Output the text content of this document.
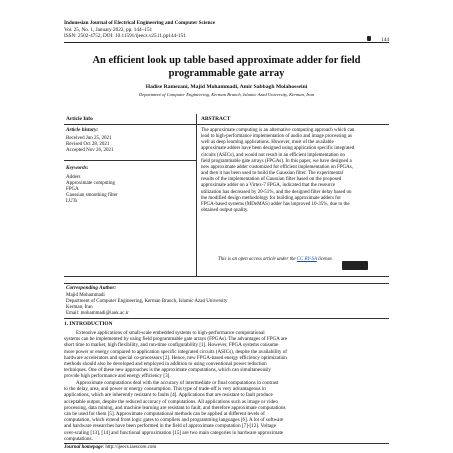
Indonesian Journal of Electrical Engineering and Computer Science
Vol. 25, No. 1, January 2022, pp. 144~151
ISSN: 2502-4752, DOI: 10.11591/ijeecs.v25.i1.pp144-151
144
An efficient look up table based approximate adder for field programmable gate array
Hadise Ramezani, Majid Mohammadi, Amir Sabbagh Molahosseini
Department of Computer Engineering, Kerman Branch, Islamic Azad University, Kerman, Iran
Article Info	ABSTRACT
Article history:
Received Jun 25, 2021
Revised Oct 28, 2021
Accepted Nov 26, 2021
Keywords:
Adders
Approximate computing
FPGA
Gaussian smoothing filter
LUTs
The approximate computing is an alternative computing approach which can
lead to high-performance implementation of audio and image processing as
well as deep learning applications. However, most of the available
approximate adders have been designed using application specific integrated
circuits (ASICs), and would not result in an efficient implementation on
field programmable gate arrays (FPGAs). In this paper, we have designed a
new approximate adder customized for efficient implementation on FPGAs,
and then it has been used to build the Gaussian filter. The experimental
results of the implementation of Gaussian filter based on the proposed
approximate adder on a Virtex-7 FPGA, indicated that the resource
utilization has decreased by 20-51%, and the designed filter delay based on
the modified design methodology for building approximate adders for
FPGA-based systems (MDeMAS) adder has improved 10-35%, due to the
obtained output quality.
This is an open access article under the CC BY-SA license.
Corresponding Author:
Majid Mohammadi
Department of Computer Engineering, Kerman Branch, Islamic Azad University
Kerman, Iran
Email: mohammadi@iauk.ac.ir
1. INTRODUCTION
Extensive applications of small-scale embedded systems to high-performance computational
systems can be implemented by using field programmable gate arrays (FPGAs). The advantages of FPGA are
short time to market, high flexibility, and run-time configurability [1]. However, FPGA systems consume
more power or energy compared to application specific integrated circuits (ASICs), despite the availability of
hardware accelerators and special co-processors [2]. Hence, new FPGA-based energy efficiency optimization
methods should also be developed and employed in addition to using conventional power reduction
techniques. One of these new approaches is the approximate computations, which can simultaneously
provide high performance and energy efficiency [3].
Approximate computations deal with the accuracy of intermediate or final computations in contrast
to the delay, area, and power or energy consumption. This type of trade-off is very advantageous in
applications, which are inherently resistant to faults [4]. Applications that are resistant to fault produce
acceptable output, despite the reduced accuracy of computations. All applications such as image or video
processing, data mining, and machine learning are resistant to fault, and therefore approximate computations
can be used for them [5]. Approximate computational methods can be applied at different levels of
computation, which extend from logic gates to compilers and programming languages [6]. A lot of software
and hardware researches have been performed in the field of approximate computation [7]-[12]. Voltage
over-scaling [13], [14] and functional approximation [15] are two main categories in hardware approximate
computations.
Journal homepage: http://ijeecs.iaescore.com
